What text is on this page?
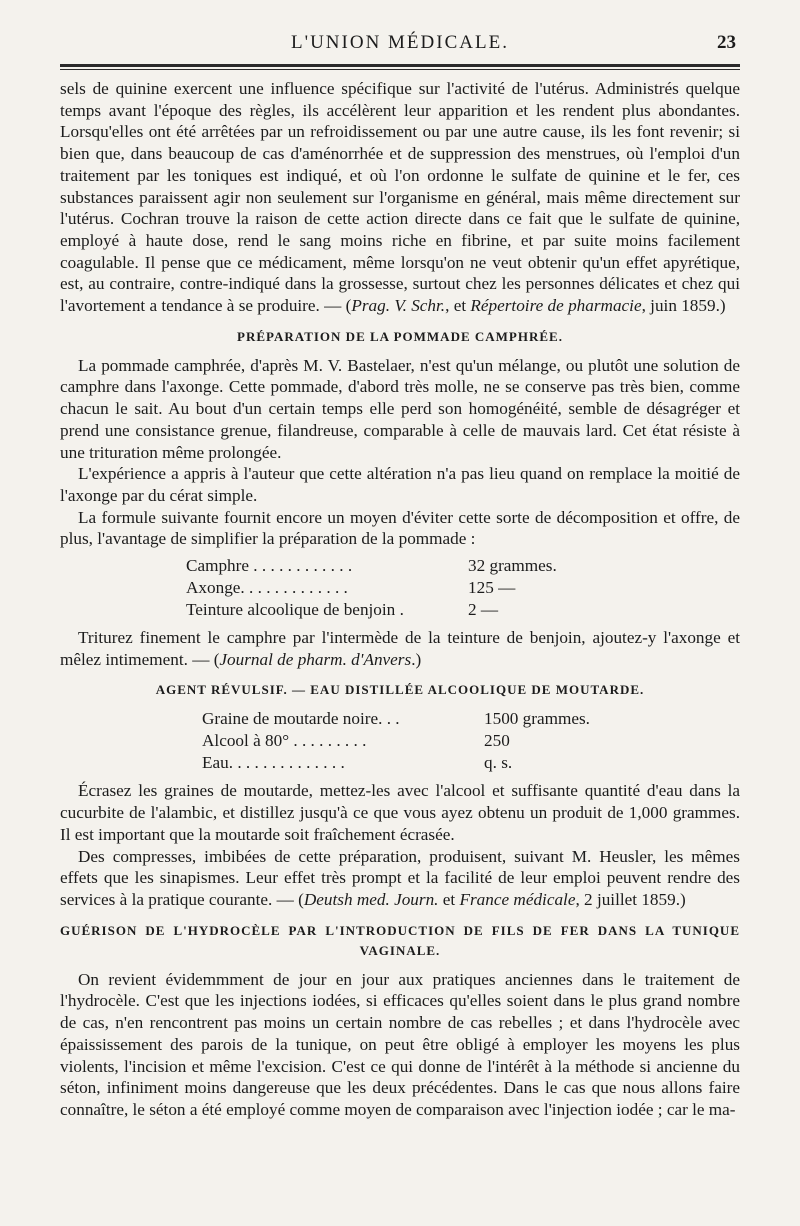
L'UNION MÉDICALE.	23

sels de quinine exercent une influence spécifique sur l'activité de l'utérus. Administrés quelque temps avant l'époque des règles, ils accélèrent leur apparition et les rendent plus abondantes. Lorsqu'elles ont été arrêtées par un refroidissement ou par une autre cause, ils les font revenir; si bien que, dans beaucoup de cas d'aménorrhée et de suppression des menstrues, où l'emploi d'un traitement par les toniques est indiqué, et où l'on ordonne le sulfate de quinine et le fer, ces substances paraissent agir non seulement sur l'organisme en général, mais même directement sur l'utérus. Cochran trouve la raison de cette action directe dans ce fait que le sulfate de quinine, employé à haute dose, rend le sang moins riche en fibrine, et par suite moins facilement coagulable. Il pense que ce médicament, même lorsqu'on ne veut obtenir qu'un effet apyrétique, est, au contraire, contre-indiqué dans la grossesse, surtout chez les personnes délicates et chez qui l'avortement a tendance à se produire. — (Prag. V. Schr., et Répertoire de pharmacie, juin 1859.)

PRÉPARATION DE LA POMMADE CAMPHRÉE.

La pommade camphrée, d'après M. V. Bastelaer, n'est qu'un mélange, ou plutôt une solution de camphre dans l'axonge. Cette pommade, d'abord très molle, ne se conserve pas très bien, comme chacun le sait. Au bout d'un certain temps elle perd son homogénéité, semble de désagréger et prend une consistance grenue, filandreuse, comparable à celle de mauvais lard. Cet état résiste à une trituration même prolongée.

L'expérience a appris à l'auteur que cette altération n'a pas lieu quand on remplace la moitié de l'axonge par du cérat simple.

La formule suivante fournit encore un moyen d'éviter cette sorte de décomposition et offre, de plus, l'avantage de simplifier la préparation de la pommade :

Camphre . . . . . . . . . . . .	32 grammes.
Axonge. . . . . . . . . . . . .	125 —
Teinture alcoolique de benjoin .	2 —

Triturez finement le camphre par l'intermède de la teinture de benjoin, ajoutez-y l'axonge et mêlez intimement. — (Journal de pharm. d'Anvers.)

AGENT RÉVULSIF. — EAU DISTILLÉE ALCOOLIQUE DE MOUTARDE.
Graine de moutarde noire. . .	1500 grammes.
Alcool à 80° . . . . . . . . .	250
Eau. . . . . . . . . . . . . .	q. s.

Écrasez les graines de moutarde, mettez-les avec l'alcool et suffisante quantité d'eau dans la cucurbite de l'alambic, et distillez jusqu'à ce que vous ayez obtenu un produit de 1,000 grammes. Il est important que la moutarde soit fraîchement écrasée.

Des compresses, imbibées de cette préparation, produisent, suivant M. Heusler, les mêmes effets que les sinapismes. Leur effet très prompt et la facilité de leur emploi peuvent rendre des services à la pratique courante. — (Deutsh med. Journ. et France médicale, 2 juillet 1859.)

GUÉRISON DE L'HYDROCÈLE PAR L'INTRODUCTION DE FILS DE FER DANS LA TUNIQUE VAGINALE.

On revient évidemmment de jour en jour aux pratiques anciennes dans le traitement de l'hydrocèle. C'est que les injections iodées, si efficaces qu'elles soient dans le plus grand nombre de cas, n'en rencontrent pas moins un certain nombre de cas rebelles ; et dans l'hydrocèle avec épaississement des parois de la tunique, on peut être obligé à employer les moyens les plus violents, l'incision et même l'excision. C'est ce qui donne de l'intérêt à la méthode si ancienne du séton, infiniment moins dangereuse que les deux précédentes. Dans le cas que nous allons faire connaître, le séton a été employé comme moyen de comparaison avec l'injection iodée ; car le ma-
